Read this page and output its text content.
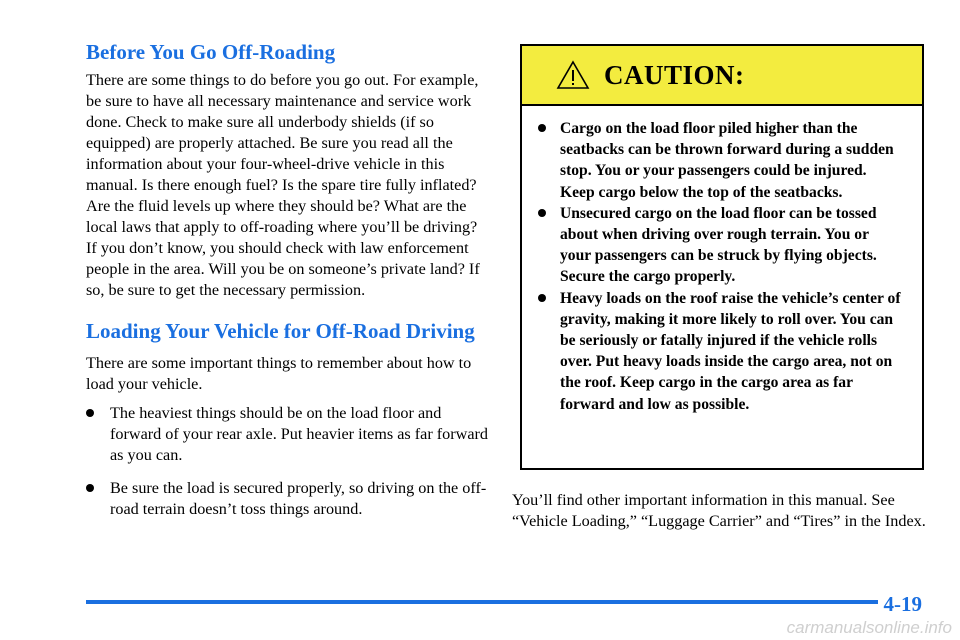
Before You Go Off-Roading

There are some things to do before you go out. For example, be sure to have all necessary maintenance and service work done. Check to make sure all underbody shields (if so equipped) are properly attached. Be sure you read all the information about your four-wheel-drive vehicle in this manual. Is there enough fuel? Is the spare tire fully inflated? Are the fluid levels up where they should be? What are the local laws that apply to off-roading where you’ll be driving? If you don’t know, you should check with law enforcement people in the area. Will you be on someone’s private land? If so, be sure to get the necessary permission.

Loading Your Vehicle for Off-Road Driving

There are some important things to remember about how to load your vehicle.

The heaviest things should be on the load floor and forward of your rear axle. Put heavier items as far forward as you can.
Be sure the load is secured properly, so driving on the off-road terrain doesn’t toss things around.
CAUTION:
Cargo on the load floor piled higher than the seatbacks can be thrown forward during a sudden stop. You or your passengers could be injured. Keep cargo below the top of the seatbacks.
Unsecured cargo on the load floor can be tossed about when driving over rough terrain. You or your passengers can be struck by flying objects. Secure the cargo properly.
Heavy loads on the roof raise the vehicle’s center of gravity, making it more likely to roll over. You can be seriously or fatally injured if the vehicle rolls over. Put heavy loads inside the cargo area, not on the roof. Keep cargo in the cargo area as far forward and low as possible.

You’ll find other important information in this manual. See “Vehicle Loading,” “Luggage Carrier” and “Tires” in the Index.

4-19
carmanualsonline.info
